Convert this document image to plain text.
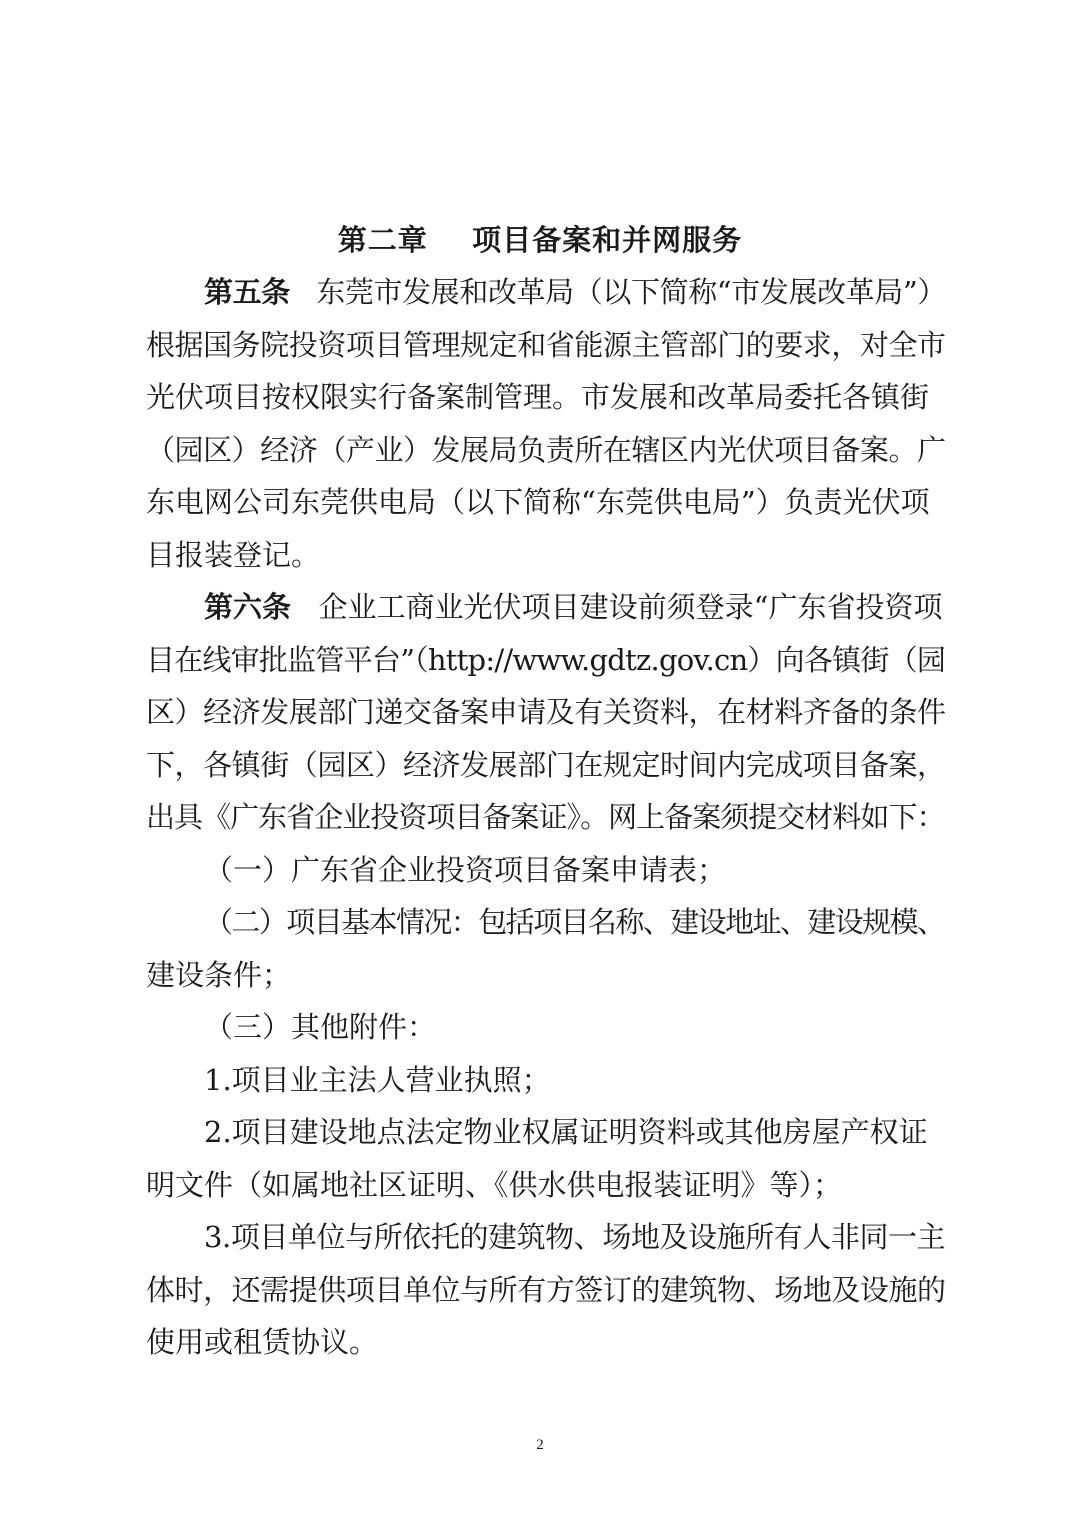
第二章    项目备案和并网服务

第五条   东莞市发展和改革局（以下简称“市发展改革局”）
根据国务院投资项目管理规定和省能源主管部门的要求，对全市
光伏项目按权限实行备案制管理。市发展和改革局委托各镇街
（园区）经济（产业）发展局负责所在辖区内光伏项目备案。广
东电网公司东莞供电局（以下简称“东莞供电局”）负责光伏项
目报装登记。

第六条   企业工商业光伏项目建设前须登录“广东省投资项
目在线审批监管平台”（http://www.gdtz.gov.cn）向各镇街（园
区）经济发展部门递交备案申请及有关资料，在材料齐备的条件
下，各镇街（园区）经济发展部门在规定时间内完成项目备案，
出具《广东省企业投资项目备案证》。网上备案须提交材料如下：

（一）广东省企业投资项目备案申请表；

（二）项目基本情况：包括项目名称、建设地址、建设规模、
建设条件；

（三）其他附件：

1.项目业主法人营业执照；

2.项目建设地点法定物业权属证明资料或其他房屋产权证
明文件（如属地社区证明、《供水供电报装证明》等）；

3.项目单位与所依托的建筑物、场地及设施所有人非同一主
体时，还需提供项目单位与所有方签订的建筑物、场地及设施的
使用或租赁协议。

2
